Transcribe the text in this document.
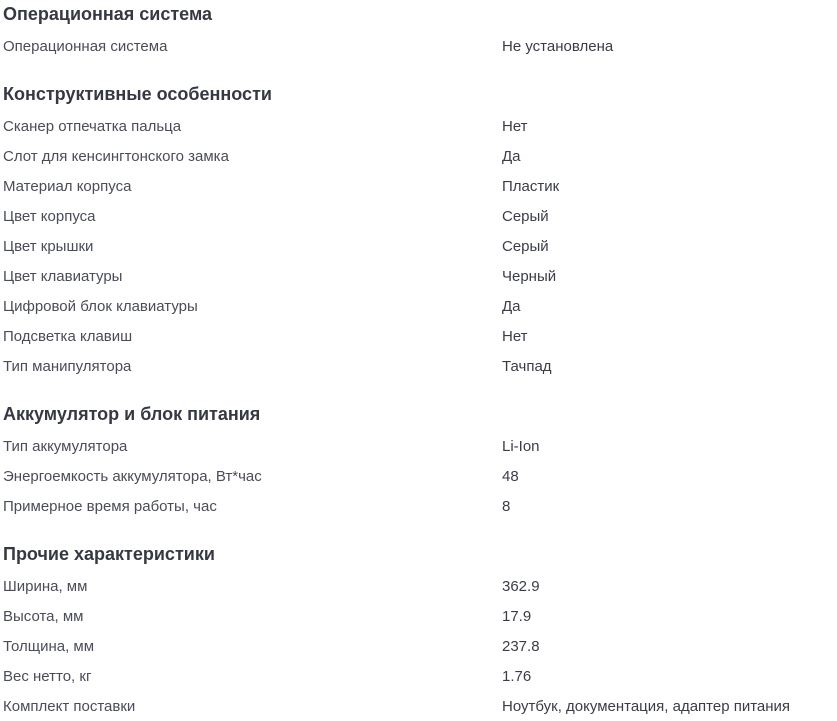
Операционная система
Операционная система	Не установлена
Конструктивные особенности
Сканер отпечатка пальца	Нет
Слот для кенсингтонского замка	Да
Материал корпуса	Пластик
Цвет корпуса	Серый
Цвет крышки	Серый
Цвет клавиатуры	Черный
Цифровой блок клавиатуры	Да
Подсветка клавиш	Нет
Тип манипулятора	Тачпад
Аккумулятор и блок питания
Тип аккумулятора	Li-Ion
Энергоемкость аккумулятора, Вт*час	48
Примерное время работы, час	8
Прочие характеристики
Ширина, мм	362.9
Высота, мм	17.9
Толщина, мм	237.8
Вес нетто, кг	1.76
Комплект поставки	Ноутбук, документация, адаптер питания
